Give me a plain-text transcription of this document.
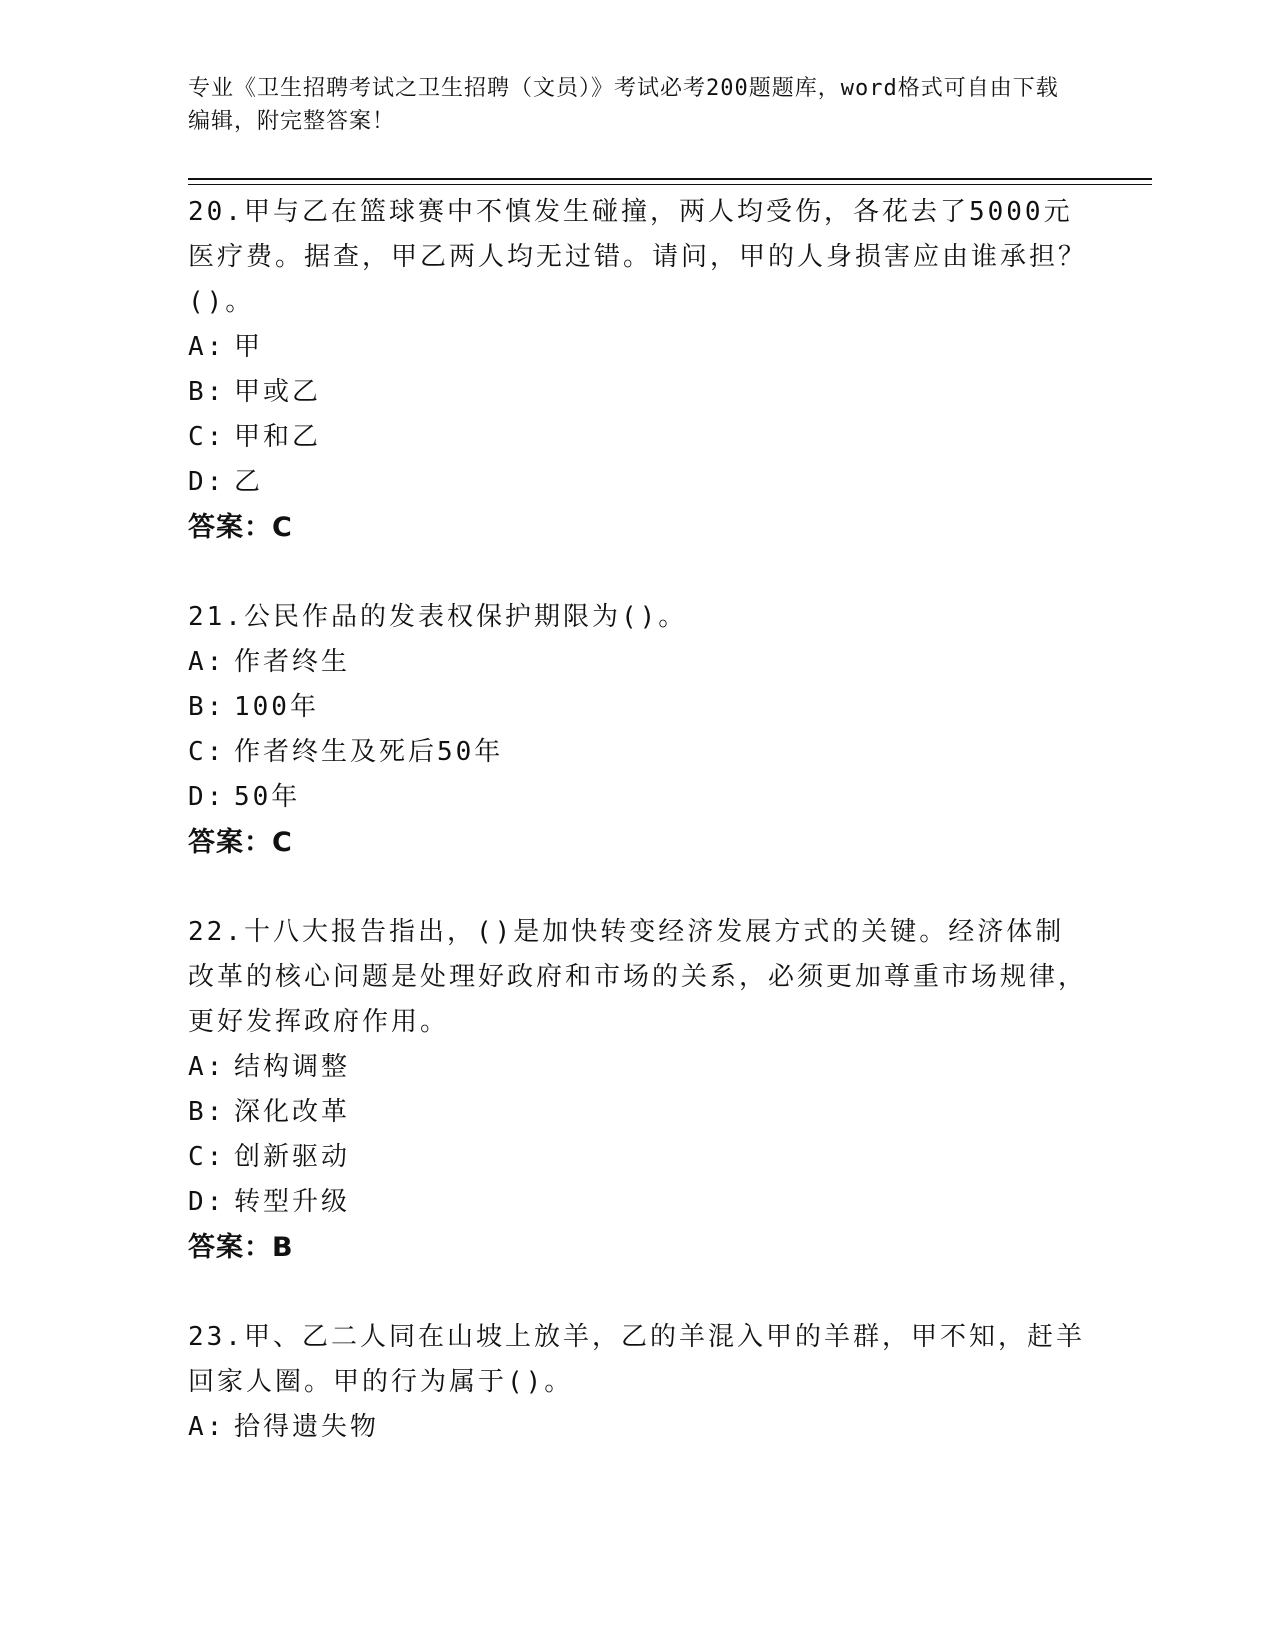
专业《卫生招聘考试之卫生招聘（文员）》考试必考200题题库，word格式可自由下载编辑，附完整答案！
20.甲与乙在篮球赛中不慎发生碰撞，两人均受伤，各花去了5000元医疗费。据查，甲乙两人均无过错。请问，甲的人身损害应由谁承担？()。
A: 甲
B: 甲或乙
C: 甲和乙
D: 乙
答案：C
21.公民作品的发表权保护期限为()。
A: 作者终生
B: 100年
C: 作者终生及死后50年
D: 50年
答案：C
22.十八大报告指出，()是加快转变经济发展方式的关键。经济体制改革的核心问题是处理好政府和市场的关系，必须更加尊重市场规律，更好发挥政府作用。
A: 结构调整
B: 深化改革
C: 创新驱动
D: 转型升级
答案：B
23.甲、乙二人同在山坡上放羊，乙的羊混入甲的羊群，甲不知，赶羊回家人圈。甲的行为属于()。
A: 拾得遗失物
